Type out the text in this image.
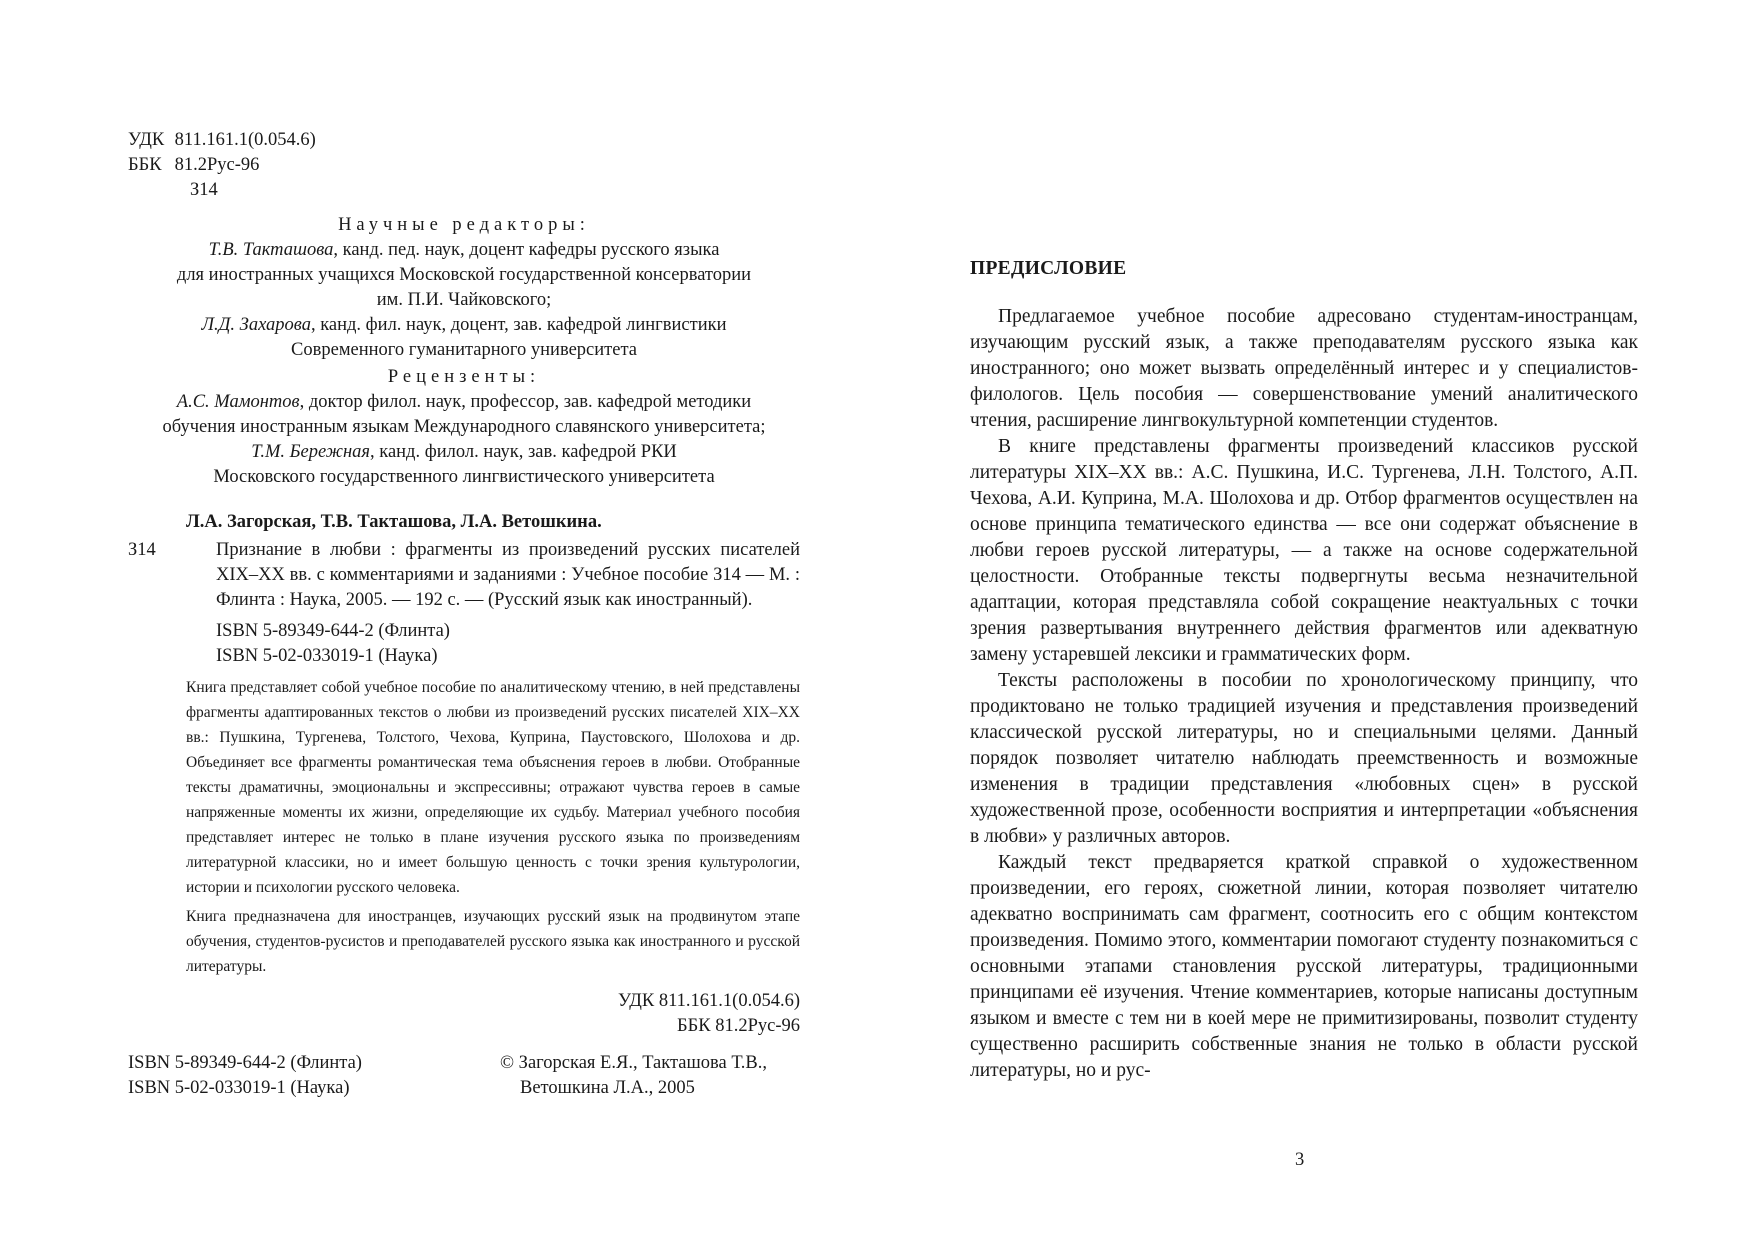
УДК 811.161.1(0.054.6)
ББК 81.2Рус-96
З14
Научные редакторы:
Т.В. Такташова, канд. пед. наук, доцент кафедры русского языка
для иностранных учащихся Московской государственной консерватории
им. П.И. Чайковского;
Л.Д. Захарова, канд. фил. наук, доцент, зав. кафедрой лингвистики
Современного гуманитарного университета
Рецензенты:
А.С. Мамонтов, доктор филол. наук, профессор, зав. кафедрой методики
обучения иностранным языкам Международного славянского университета;
Т.М. Бережная, канд. филол. наук, зав. кафедрой РКИ
Московского государственного лингвистического университета
Л.А. Загорская, Т.В. Такташова, Л.А. Ветошкина.
З14	Признание в любви : фрагменты из произведений русских писателей XIX–XX вв. с комментариями и заданиями : Учебное пособие З14 — М. : Флинта : Наука, 2005. — 192 с. — (Русский язык как иностранный).
ISBN 5-89349-644-2 (Флинта)
ISBN 5-02-033019-1 (Наука)

Книга представляет собой учебное пособие по аналитическому чтению, в ней представлены фрагменты адаптированных текстов о любви из произведений русских писателей XIX–XX вв.: Пушкина, Тургенева, Толстого, Чехова, Куприна, Паустовского, Шолохова и др. Объединяет все фрагменты романтическая тема объяснения героев в любви. Отобранные тексты драматичны, эмоциональны и экспрессивны; отражают чувства героев в самые напряженные моменты их жизни, определяющие их судьбу. Материал учебного пособия представляет интерес не только в плане изучения русского языка по произведениям литературной классики, но и имеет большую ценность с точки зрения культурологии, истории и психологии русского человека.

Книга предназначена для иностранцев, изучающих русский язык на продвинутом этапе обучения, студентов-русистов и преподавателей русского языка как иностранного и русской литературы.

УДК 811.161.1(0.054.6)
ББК 81.2Рус-96
ISBN 5-89349-644-2 (Флинта)
ISBN 5-02-033019-1 (Наука)
© Загорская Е.Я., Такташова Т.В.,
Ветошкина Л.А., 2005
ПРЕДИСЛОВИЕ

Предлагаемое учебное пособие адресовано студентам-иностранцам, изучающим русский язык, а также преподавателям русского языка как иностранного; оно может вызвать определённый интерес и у специалистов-филологов. Цель пособия — совершенствование умений аналитического чтения, расширение лингвокультурной компетенции студентов.

В книге представлены фрагменты произведений классиков русской литературы XIX–XX вв.: А.С. Пушкина, И.С. Тургенева, Л.Н. Толстого, А.П. Чехова, А.И. Куприна, М.А. Шолохова и др. Отбор фрагментов осуществлен на основе принципа тематического единства — все они содержат объяснение в любви героев русской литературы, — а также на основе содержательной целостности. Отобранные тексты подвергнуты весьма незначительной адаптации, которая представляла собой сокращение неактуальных с точки зрения развертывания внутреннего действия фрагментов или адекватную замену устаревшей лексики и грамматических форм.

Тексты расположены в пособии по хронологическому принципу, что продиктовано не только традицией изучения и представления произведений классической русской литературы, но и специальными целями. Данный порядок позволяет читателю наблюдать преемственность и возможные изменения в традиции представления «любовных сцен» в русской художественной прозе, особенности восприятия и интерпретации «объяснения в любви» у различных авторов.

Каждый текст предваряется краткой справкой о художественном произведении, его героях, сюжетной линии, которая позволяет читателю адекватно воспринимать сам фрагмент, соотносить его с общим контекстом произведения. Помимо этого, комментарии помогают студенту познакомиться с основными этапами становления русской литературы, традиционными принципами её изучения. Чтение комментариев, которые написаны доступным языком и вместе с тем ни в коей мере не примитизированы, позволит студенту существенно расширить собственные знания не только в области русской литературы, но и рус-

3
